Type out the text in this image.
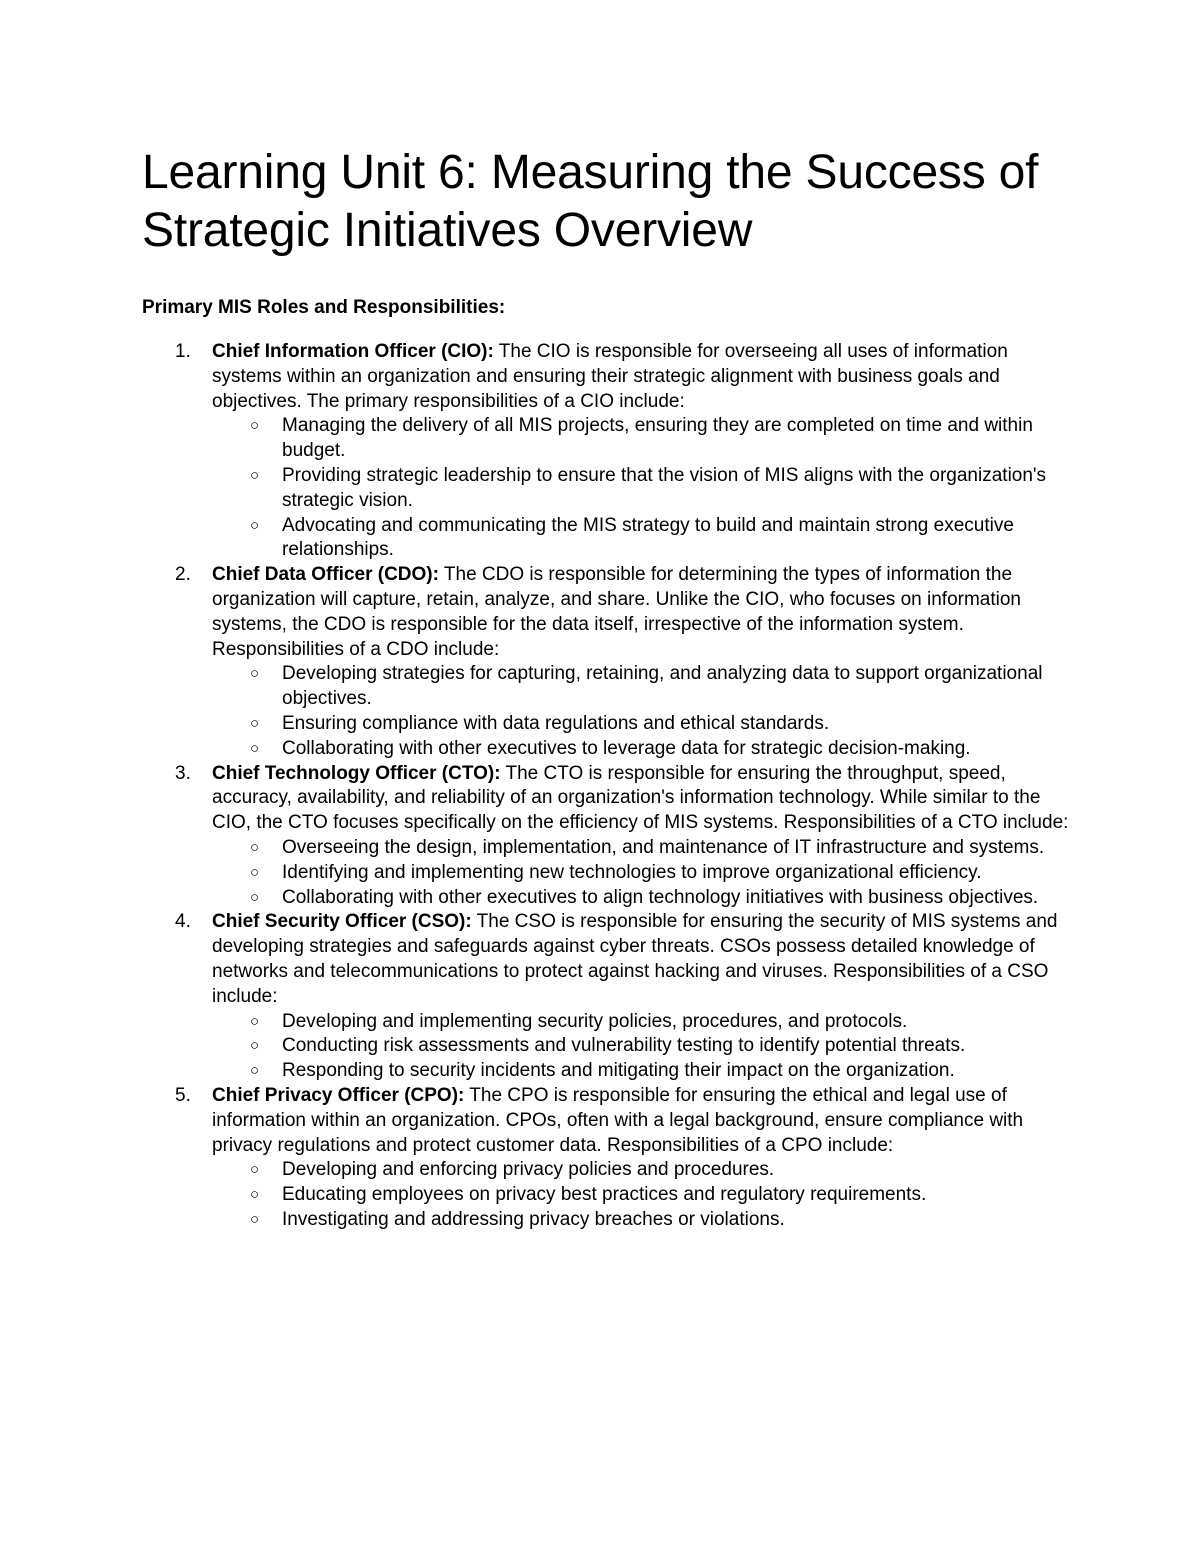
Learning Unit 6: Measuring the Success of Strategic Initiatives Overview

Primary MIS Roles and Responsibilities:

1. Chief Information Officer (CIO): The CIO is responsible for overseeing all uses of information systems within an organization and ensuring their strategic alignment with business goals and objectives. The primary responsibilities of a CIO include:
○ Managing the delivery of all MIS projects, ensuring they are completed on time and within budget.
○ Providing strategic leadership to ensure that the vision of MIS aligns with the organization's strategic vision.
○ Advocating and communicating the MIS strategy to build and maintain strong executive relationships.
2. Chief Data Officer (CDO): The CDO is responsible for determining the types of information the organization will capture, retain, analyze, and share. Unlike the CIO, who focuses on information systems, the CDO is responsible for the data itself, irrespective of the information system. Responsibilities of a CDO include:
○ Developing strategies for capturing, retaining, and analyzing data to support organizational objectives.
○ Ensuring compliance with data regulations and ethical standards.
○ Collaborating with other executives to leverage data for strategic decision-making.
3. Chief Technology Officer (CTO): The CTO is responsible for ensuring the throughput, speed, accuracy, availability, and reliability of an organization's information technology. While similar to the CIO, the CTO focuses specifically on the efficiency of MIS systems. Responsibilities of a CTO include:
○ Overseeing the design, implementation, and maintenance of IT infrastructure and systems.
○ Identifying and implementing new technologies to improve organizational efficiency.
○ Collaborating with other executives to align technology initiatives with business objectives.
4. Chief Security Officer (CSO): The CSO is responsible for ensuring the security of MIS systems and developing strategies and safeguards against cyber threats. CSOs possess detailed knowledge of networks and telecommunications to protect against hacking and viruses. Responsibilities of a CSO include:
○ Developing and implementing security policies, procedures, and protocols.
○ Conducting risk assessments and vulnerability testing to identify potential threats.
○ Responding to security incidents and mitigating their impact on the organization.
5. Chief Privacy Officer (CPO): The CPO is responsible for ensuring the ethical and legal use of information within an organization. CPOs, often with a legal background, ensure compliance with privacy regulations and protect customer data. Responsibilities of a CPO include:
○ Developing and enforcing privacy policies and procedures.
○ Educating employees on privacy best practices and regulatory requirements.
○ Investigating and addressing privacy breaches or violations.
